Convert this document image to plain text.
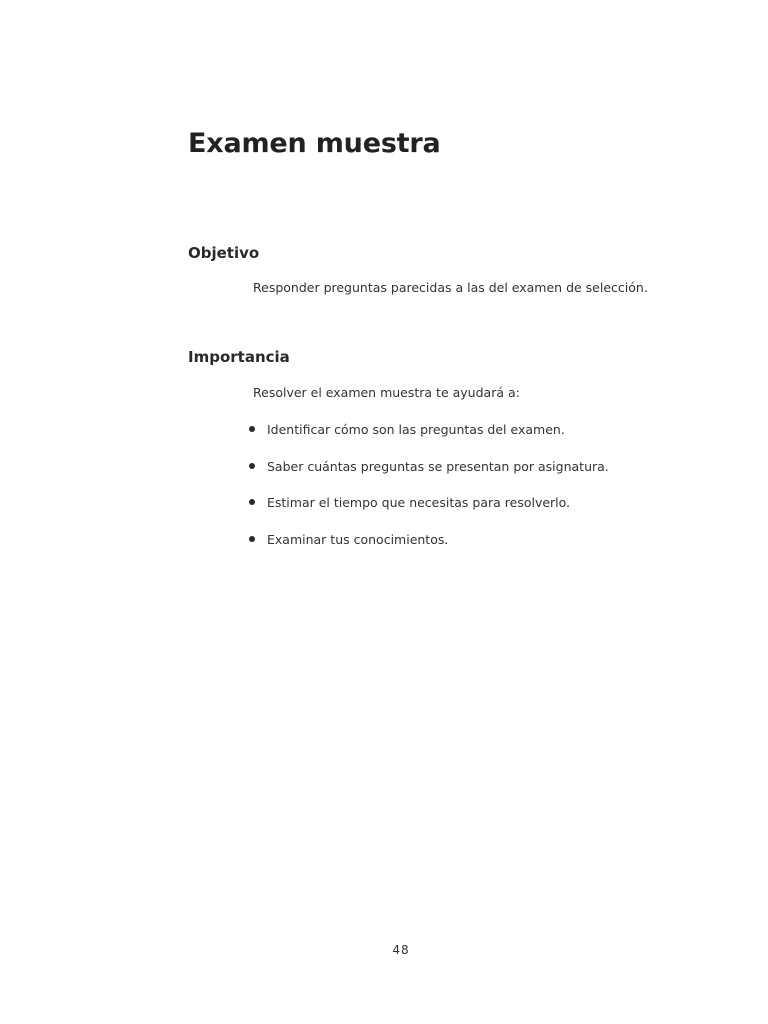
Examen muestra
Objetivo

Responder preguntas parecidas a las del examen de selección.

Importancia

Resolver el examen muestra te ayudará a:

Identificar cómo son las preguntas del examen.
Saber cuántas preguntas se presentan por asignatura.
Estimar el tiempo que necesitas para resolverlo.
Examinar tus conocimientos.
48
